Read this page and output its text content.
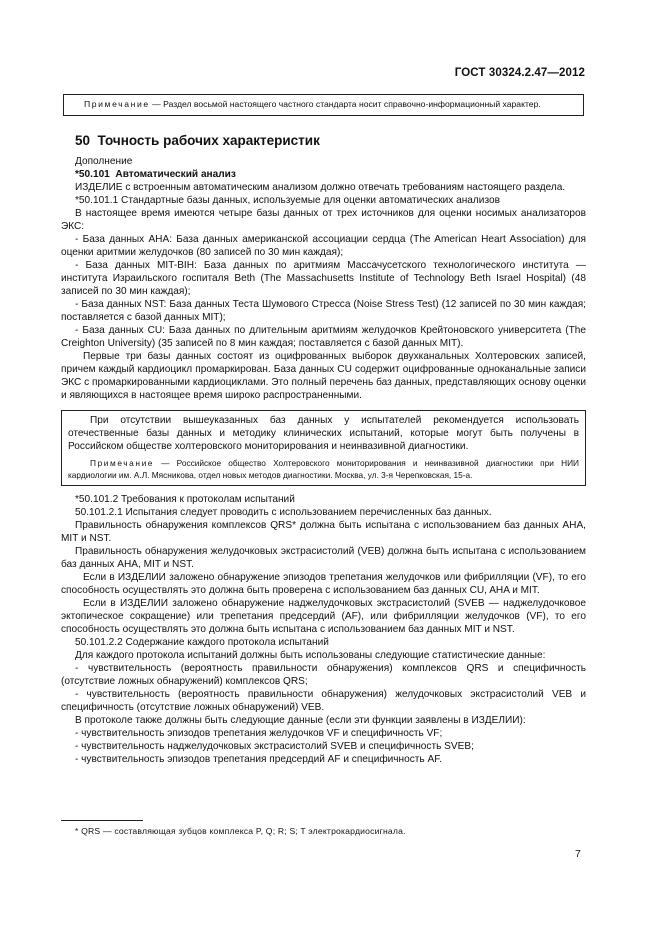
ГОСТ 30324.2.47—2012
Примечание — Раздел восьмой настоящего частного стандарта носит справочно-информационный характер.
50 Точность рабочих характеристик

Дополнение

*50.101 Автоматический анализ

ИЗДЕЛИЕ с встроенным автоматическим анализом должно отвечать требованиям настоящего раздела.

*50.101.1 Стандартные базы данных, используемые для оценки автоматических анализов

В настоящее время имеются четыре базы данных от трех источников для оценки носимых анализаторов ЭКС:

- База данных AHA: База данных американской ассоциации сердца (The American Heart Association) для оценки аритмии желудочков (80 записей по 30 мин каждая);

- База данных MIT-BIH: База данных по аритмиям Массачусетского технологического института — института Израильского госпиталя Beth (The Massachusetts Institute of Technology Beth Israel Hospital) (48 записей по 30 мин каждая);

- База данных NST: База данных Теста Шумового Стресса (Noise Stress Test) (12 записей по 30 мин каждая; поставляется с базой данных MIT);

- База данных CU: База данных по длительным аритмиям желудочков Крейтоновского университета (The Creighton University) (35 записей по 8 мин каждая; поставляется с базой данных MIT).

Первые три базы данных состоят из оцифрованных выборок двухканальных Холтеровских записей, причем каждый кардиоцикл промаркирован. База данных CU содержит оцифрованные одноканальные записи ЭКС с промаркированными кардиоциклами. Это полный перечень баз данных, представляющих основу оценки и являющихся в настоящее время широко распространенными.

При отсутствии вышеуказанных баз данных у испытателей рекомендуется использовать отечественные базы данных и методику клинических испытаний, которые могут быть получены в Российском обществе холтеровского мониторирования и неинвазивной диагностики.

Примечание — Российское общество Холтеровского мониторирования и неинвазивной диагностики при НИИ кардиологии им. А.Л. Мясникова, отдел новых методов диагностики. Москва, ул. 3-я Черепковская, 15-а.

*50.101.2 Требования к протоколам испытаний

50.101.2.1 Испытания следует проводить с использованием перечисленных баз данных.

Правильность обнаружения комплексов QRS* должна быть испытана с использованием баз данных AHA, MIT и NST.

Правильность обнаружения желудочковых экстрасистолий (VEB) должна быть испытана с использованием баз данных AHA, MIT и NST.

Если в ИЗДЕЛИИ заложено обнаружение эпизодов трепетания желудочков или фибрилляции (VF), то его способность осуществлять это должна быть проверена с использованием баз данных CU, AHA и MIT.

Если в ИЗДЕЛИИ заложено обнаружение наджелудочковых экстрасистолий (SVEB — наджелудочковое эктопическое сокращение) или трепетания предсердий (AF), или фибрилляции желудочков (VF), то его способность осуществлять это должна быть испытана с использованием баз данных MIT и NST.

50.101.2.2 Содержание каждого протокола испытаний

Для каждого протокола испытаний должны быть использованы следующие статистические данные:

- чувствительность (вероятность правильности обнаружения) комплексов QRS и специфичность (отсутствие ложных обнаружений) комплексов QRS;

- чувствительность (вероятность правильности обнаружения) желудочковых экстрасистолий VEB и специфичность (отсутствие ложных обнаружений) VEB.

В протоколе также должны быть следующие данные (если эти функции заявлены в ИЗДЕЛИИ):

- чувствительность эпизодов трепетания желудочков VF и специфичность VF;

- чувствительность наджелудочковых экстрасистолий SVEB и специфичность SVEB;

- чувствительность эпизодов трепетания предсердий AF и специфичность AF.

* QRS — составляющая зубцов комплекса P, Q; R; S; T электрокардиосигнала.
7
